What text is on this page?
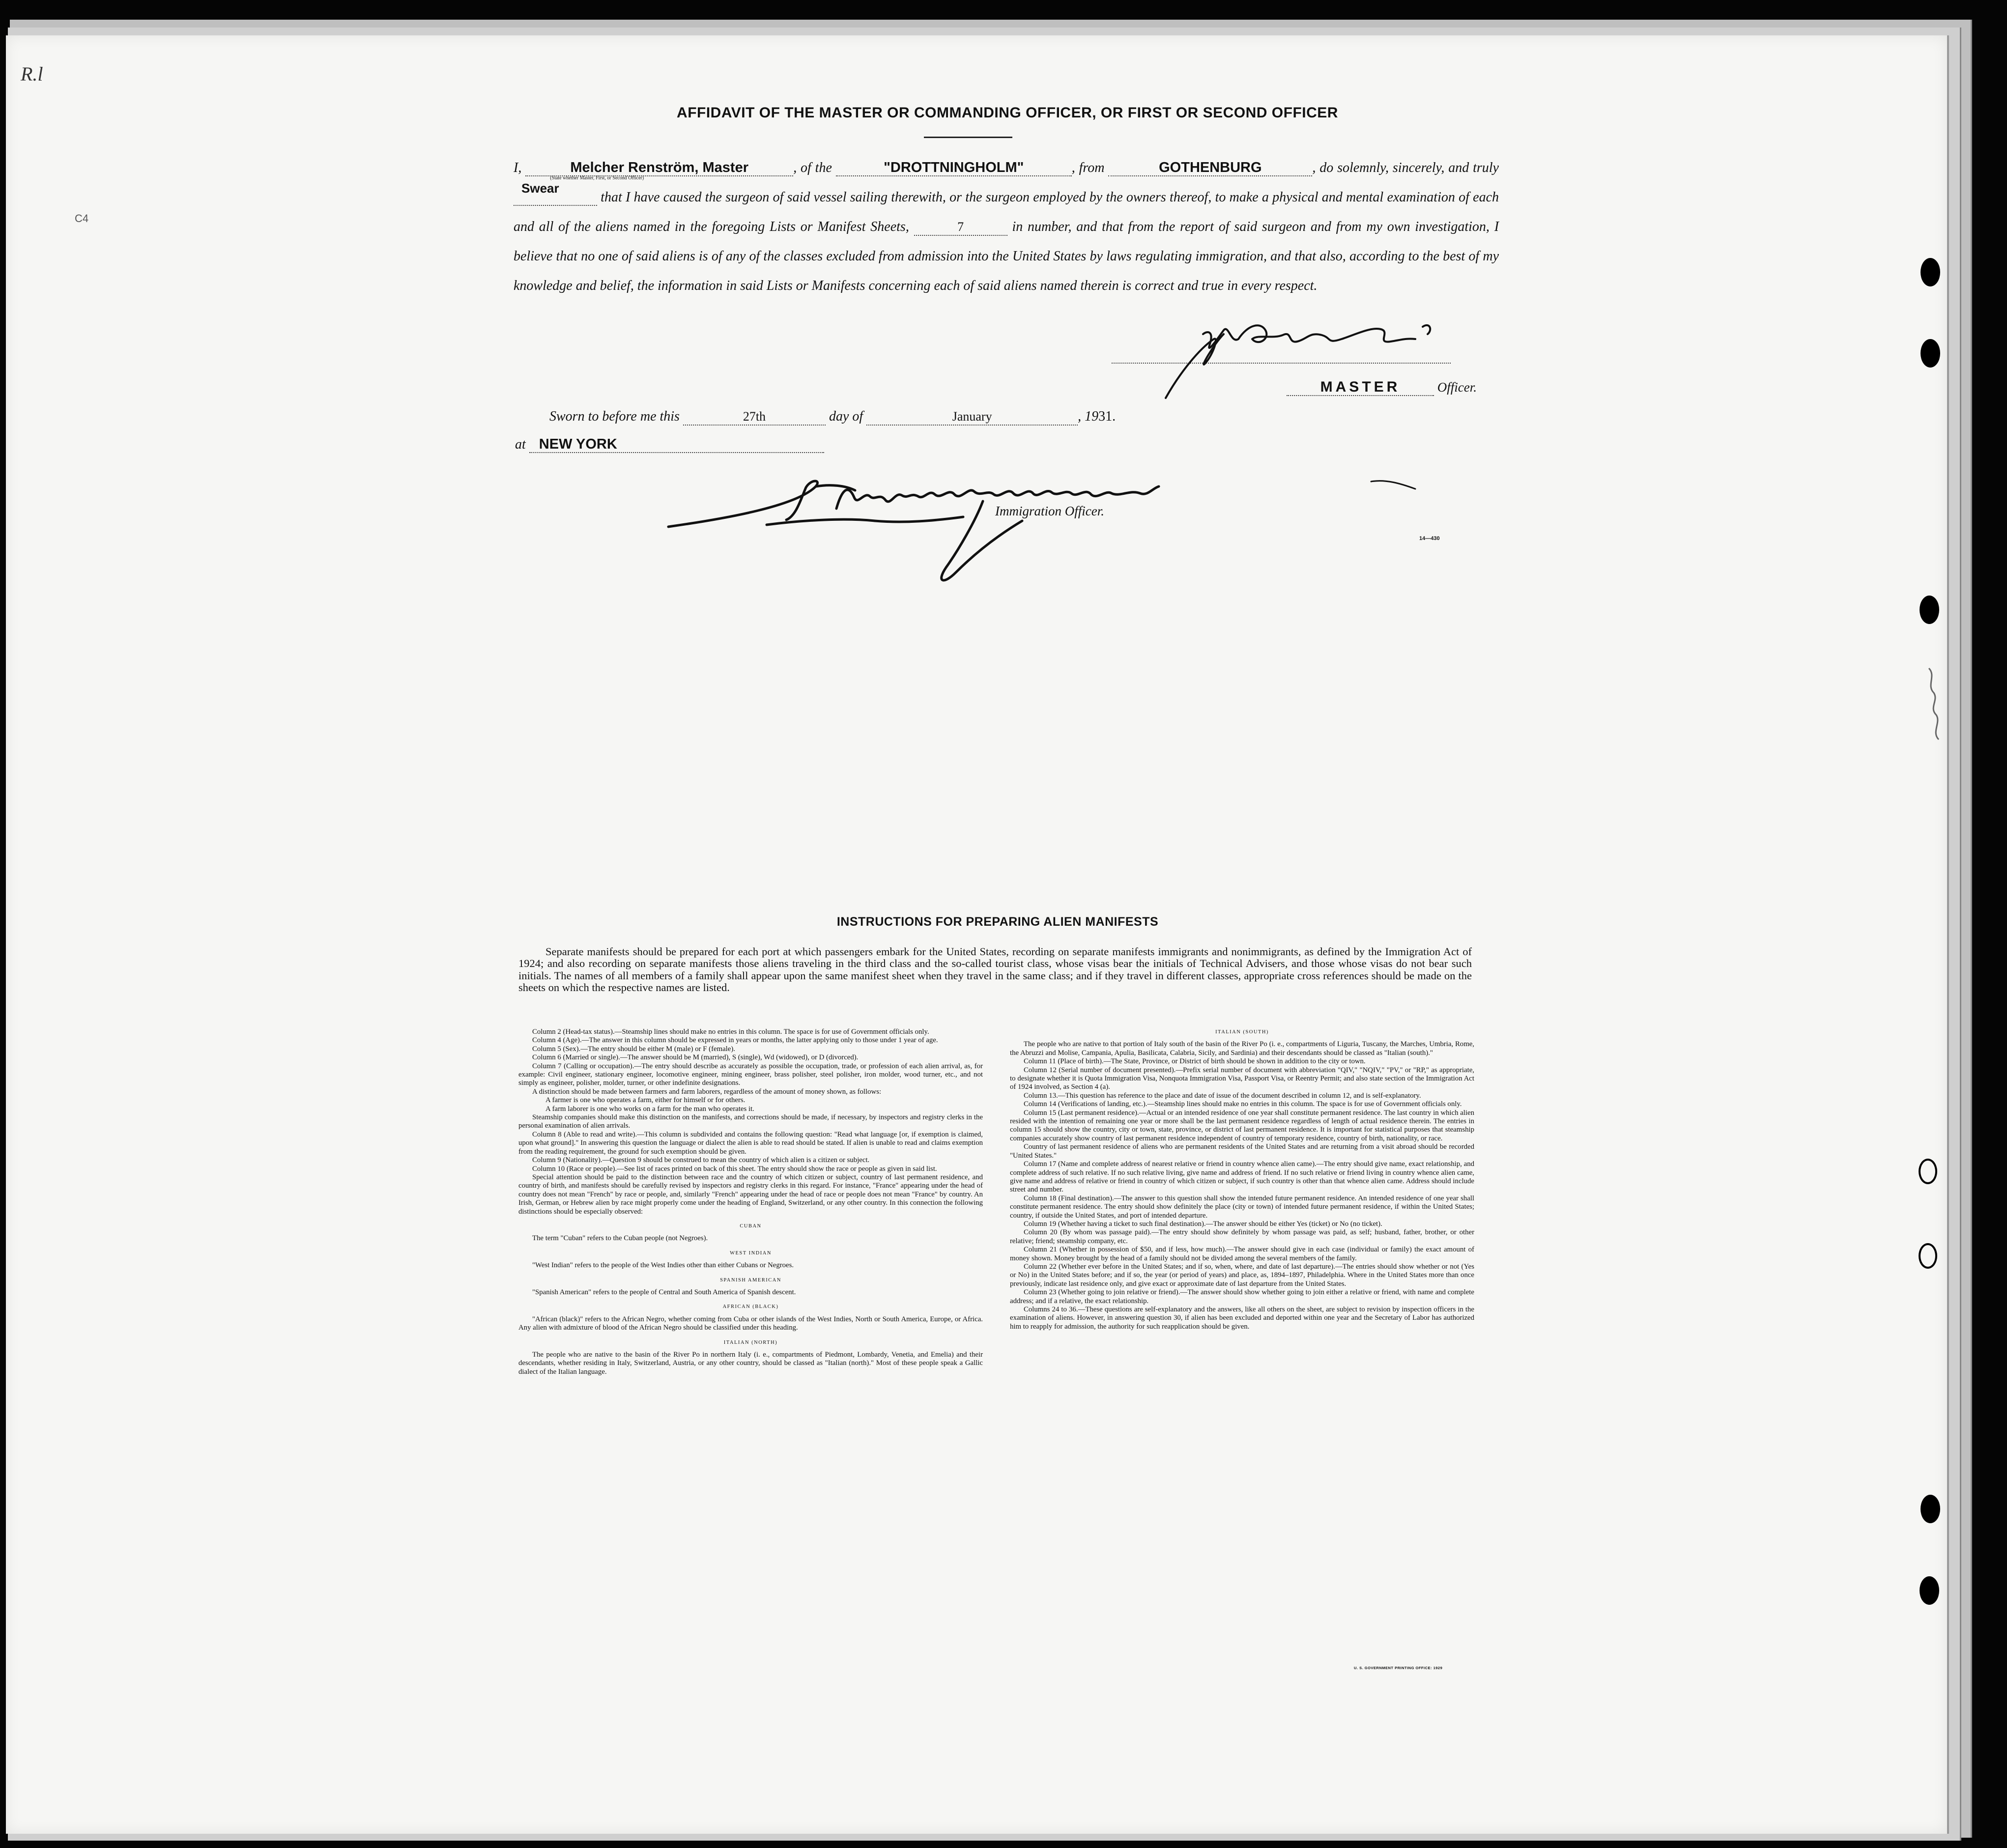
R.l
C4
AFFIDAVIT OF THE MASTER OR COMMANDING OFFICER, OR FIRST OR SECOND OFFICER
I,	Melcher Renström, Master
(State whether Master, First, or Second Officer)
, of the	"DROTTNINGHOLM"	, from	GOTHENBURG	, do solemnly, sincerely, and truly
Swear
that I have caused the surgeon of said vessel sailing therewith, or the surgeon employed by the owners thereof, to make a physical and mental examination of each and all of the aliens named in the foregoing Lists or Manifest Sheets,	7	in number, and that from the report of said surgeon and from my own investigation, I believe that no one of said aliens is of any of the classes excluded from admission into the United States by laws regulating immigration, and that also, according to the best of my knowledge and belief, the information in said Lists or Manifests concerning each of said aliens named therein is correct and true in every respect.
MASTER	Officer.
Sworn to before me this	27th	day of	January	, 1931.
at NEW YORK
Immigration Officer.
14—430
INSTRUCTIONS FOR PREPARING ALIEN MANIFESTS
Separate manifests should be prepared for each port at which passengers embark for the United States, recording on separate manifests immigrants and nonimmigrants, as defined by the Immigration Act of 1924; and also recording on separate manifests those aliens traveling in the third class and the so-called tourist class, whose visas bear the initials of Technical Advisers, and those whose visas do not bear such initials. The names of all members of a family shall appear upon the same manifest sheet when they travel in the same class; and if they travel in different classes, appropriate cross references should be made on the sheets on which the respective names are listed.

Column 2 (Head-tax status).—Steamship lines should make no entries in this column. The space is for use of Government officials only.

Column 4 (Age).—The answer in this column should be expressed in years or months, the latter applying only to those under 1 year of age.

Column 5 (Sex).—The entry should be either M (male) or F (female).

Column 6 (Married or single).—The answer should be M (married), S (single), Wd (widowed), or D (divorced).

Column 7 (Calling or occupation).—The entry should describe as accurately as possible the occupation, trade, or profession of each alien arrival, as, for example: Civil engineer, stationary engineer, locomotive engineer, mining engineer, brass polisher, steel polisher, iron molder, wood turner, etc., and not simply as engineer, polisher, molder, turner, or other indefinite designations.

A distinction should be made between farmers and farm laborers, regardless of the amount of money shown, as follows:

A farmer is one who operates a farm, either for himself or for others.

A farm laborer is one who works on a farm for the man who operates it.

Steamship companies should make this distinction on the manifests, and corrections should be made, if necessary, by inspectors and registry clerks in the personal examination of alien arrivals.

Column 8 (Able to read and write).—This column is subdivided and contains the following question: "Read what language [or, if exemption is claimed, upon what ground]." In answering this question the language or dialect the alien is able to read should be stated. If alien is unable to read and claims exemption from the reading requirement, the ground for such exemption should be given.

Column 9 (Nationality).—Question 9 should be construed to mean the country of which alien is a citizen or subject.

Column 10 (Race or people).—See list of races printed on back of this sheet. The entry should show the race or people as given in said list.

Special attention should be paid to the distinction between race and the country of which citizen or subject, country of last permanent residence, and country of birth, and manifests should be carefully revised by inspectors and registry clerks in this regard. For instance, "France" appearing under the head of country does not mean "French" by race or people, and, similarly "French" appearing under the head of race or people does not mean "France" by country. An Irish, German, or Hebrew alien by race might properly come under the heading of England, Switzerland, or any other country. In this connection the following distinctions should be especially observed:

CUBAN

The term "Cuban" refers to the Cuban people (not Negroes).

WEST INDIAN

"West Indian" refers to the people of the West Indies other than either Cubans or Negroes.

SPANISH AMERICAN

"Spanish American" refers to the people of Central and South America of Spanish descent.

AFRICAN (BLACK)

"African (black)" refers to the African Negro, whether coming from Cuba or other islands of the West Indies, North or South America, Europe, or Africa. Any alien with admixture of blood of the African Negro should be classified under this heading.

ITALIAN (NORTH)

The people who are native to the basin of the River Po in northern Italy (i. e., compartments of Piedmont, Lombardy, Venetia, and Emelia) and their descendants, whether residing in Italy, Switzerland, Austria, or any other country, should be classed as "Italian (north)." Most of these people speak a Gallic dialect of the Italian language.

ITALIAN (SOUTH)

The people who are native to that portion of Italy south of the basin of the River Po (i. e., compartments of Liguria, Tuscany, the Marches, Umbria, Rome, the Abruzzi and Molise, Campania, Apulia, Basilicata, Calabria, Sicily, and Sardinia) and their descendants should be classed as "Italian (south)."

Column 11 (Place of birth).—The State, Province, or District of birth should be shown in addition to the city or town.

Column 12 (Serial number of document presented).—Prefix serial number of document with abbreviation "QIV," "NQIV," "PV," or "RP," as appropriate, to designate whether it is Quota Immigration Visa, Nonquota Immigration Visa, Passport Visa, or Reentry Permit; and also state section of the Immigration Act of 1924 involved, as Section 4 (a).

Column 13.—This question has reference to the place and date of issue of the document described in column 12, and is self-explanatory.

Column 14 (Verifications of landing, etc.).—Steamship lines should make no entries in this column. The space is for use of Government officials only.

Column 15 (Last permanent residence).—Actual or an intended residence of one year shall constitute permanent residence. The last country in which alien resided with the intention of remaining one year or more shall be the last permanent residence regardless of length of actual residence therein. The entries in column 15 should show the country, city or town, state, province, or district of last permanent residence. It is important for statistical purposes that steamship companies accurately show country of last permanent residence independent of country of temporary residence, country of birth, nationality, or race.

Country of last permanent residence of aliens who are permanent residents of the United States and are returning from a visit abroad should be recorded "United States."

Column 17 (Name and complete address of nearest relative or friend in country whence alien came).—The entry should give name, exact relationship, and complete address of such relative. If no such relative living, give name and address of friend. If no such relative or friend living in country whence alien came, give name and address of relative or friend in country of which citizen or subject, if such country is other than that whence alien came. Address should include street and number.

Column 18 (Final destination).—The answer to this question shall show the intended future permanent residence. An intended residence of one year shall constitute permanent residence. The entry should show definitely the place (city or town) of intended future permanent residence, if within the United States; country, if outside the United States, and port of intended departure.

Column 19 (Whether having a ticket to such final destination).—The answer should be either Yes (ticket) or No (no ticket).

Column 20 (By whom was passage paid).—The entry should show definitely by whom passage was paid, as self; husband, father, brother, or other relative; friend; steamship company, etc.

Column 21 (Whether in possession of $50, and if less, how much).—The answer should give in each case (individual or family) the exact amount of money shown. Money brought by the head of a family should not be divided among the several members of the family.

Column 22 (Whether ever before in the United States; and if so, when, where, and date of last departure).—The entries should show whether or not (Yes or No) in the United States before; and if so, the year (or period of years) and place, as, 1894–1897, Philadelphia. Where in the United States more than once previously, indicate last residence only, and give exact or approximate date of last departure from the United States.

Column 23 (Whether going to join relative or friend).—The answer should show whether going to join either a relative or friend, with name and complete address; and if a relative, the exact relationship.

Columns 24 to 36.—These questions are self-explanatory and the answers, like all others on the sheet, are subject to revision by inspection officers in the examination of aliens. However, in answering question 30, if alien has been excluded and deported within one year and the Secretary of Labor has authorized him to reapply for admission, the authority for such reapplication should be given.

U. S. GOVERNMENT PRINTING OFFICE: 1929
